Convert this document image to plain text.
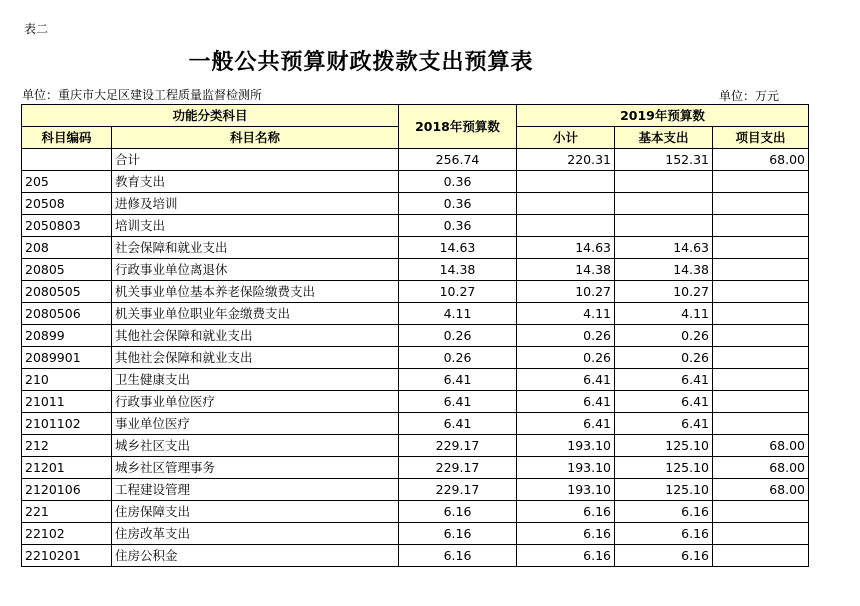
表二
一般公共预算财政拨款支出预算表
单位：重庆市大足区建设工程质量监督检测所	单位：万元
功能分类科目		2018年预算数	2019年预算数		
科目编码	科目名称		小计	基本支出	项目支出
	合计	256.74	220.31	152.31	68.00
205	教育支出	0.36			
20508	进修及培训	0.36			
2050803	培训支出	0.36			
208	社会保障和就业支出	14.63	14.63	14.63	
20805	行政事业单位离退休	14.38	14.38	14.38	
2080505	机关事业单位基本养老保险缴费支出	10.27	10.27	10.27	
2080506	机关事业单位职业年金缴费支出	4.11	4.11	4.11	
20899	其他社会保障和就业支出	0.26	0.26	0.26	
2089901	其他社会保障和就业支出	0.26	0.26	0.26	
210	卫生健康支出	6.41	6.41	6.41	
21011	行政事业单位医疗	6.41	6.41	6.41	
2101102	事业单位医疗	6.41	6.41	6.41	
212	城乡社区支出	229.17	193.10	125.10	68.00
21201	城乡社区管理事务	229.17	193.10	125.10	68.00
2120106	工程建设管理	229.17	193.10	125.10	68.00
221	住房保障支出	6.16	6.16	6.16	
22102	住房改革支出	6.16	6.16	6.16	
2210201	住房公积金	6.16	6.16	6.16	
